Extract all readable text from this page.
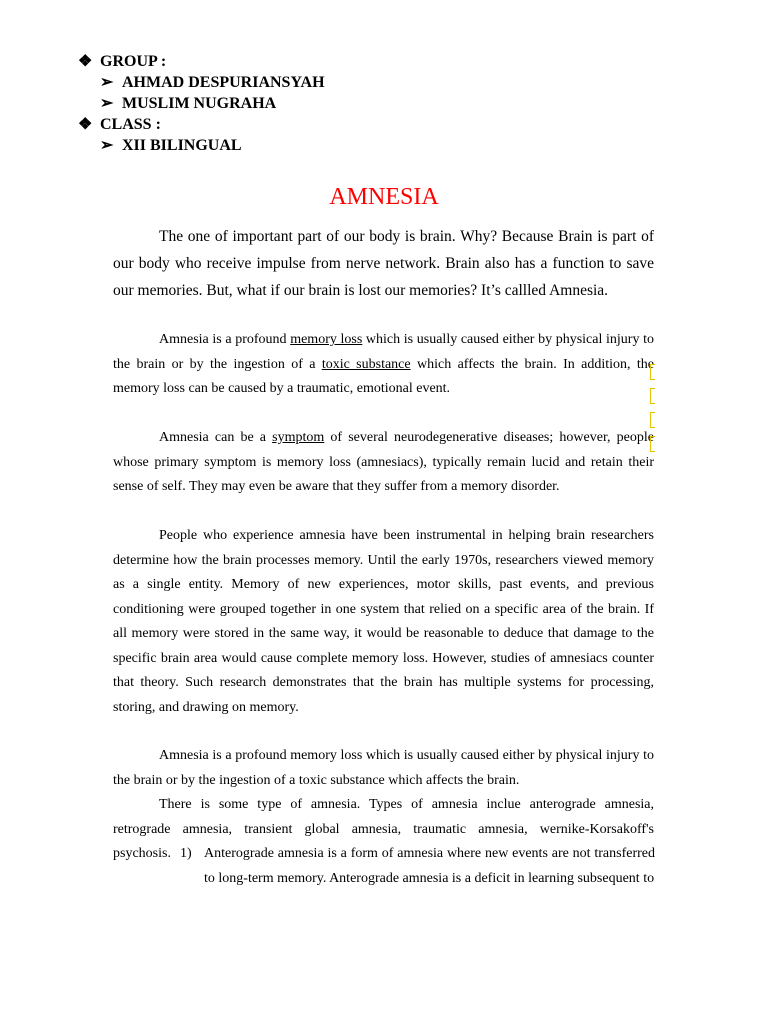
❖ GROUP :
➢ AHMAD DESPURIANSYAH
➢ MUSLIM NUGRAHA
❖ CLASS :
➢ XII BILINGUAL
AMNESIA
The one of important part of our body is brain. Why? Because Brain is part of our body who receive impulse from nerve network. Brain also has a function to save our memories. But, what if our brain is lost our memories? It’s callled Amnesia.
Amnesia is a profound memory loss which is usually caused either by physical injury to the brain or by the ingestion of a toxic substance which affects the brain. In addition, the memory loss can be caused by a traumatic, emotional event.
Amnesia can be a symptom of several neurodegenerative diseases; however, people whose primary symptom is memory loss (amnesiacs), typically remain lucid and retain their sense of self. They may even be aware that they suffer from a memory disorder.
People who experience amnesia have been instrumental in helping brain researchers determine how the brain processes memory. Until the early 1970s, researchers viewed memory as a single entity. Memory of new experiences, motor skills, past events, and previous conditioning were grouped together in one system that relied on a specific area of the brain. If all memory were stored in the same way, it would be reasonable to deduce that damage to the specific brain area would cause complete memory loss. However, studies of amnesiacs counter that theory. Such research demonstrates that the brain has multiple systems for processing, storing, and drawing on memory.
Amnesia is a profound memory loss which is usually caused either by physical injury to the brain or by the ingestion of a toxic substance which affects the brain.
There is some type of amnesia. Types of amnesia inclue anterograde amnesia, retrograde amnesia, transient global amnesia, traumatic amnesia, wernike-Korsakoff's psychosis. 1) Anterograde amnesia is a form of amnesia where new events are not transferred to long-term memory. Anterograde amnesia is a deficit in learning subsequent to
